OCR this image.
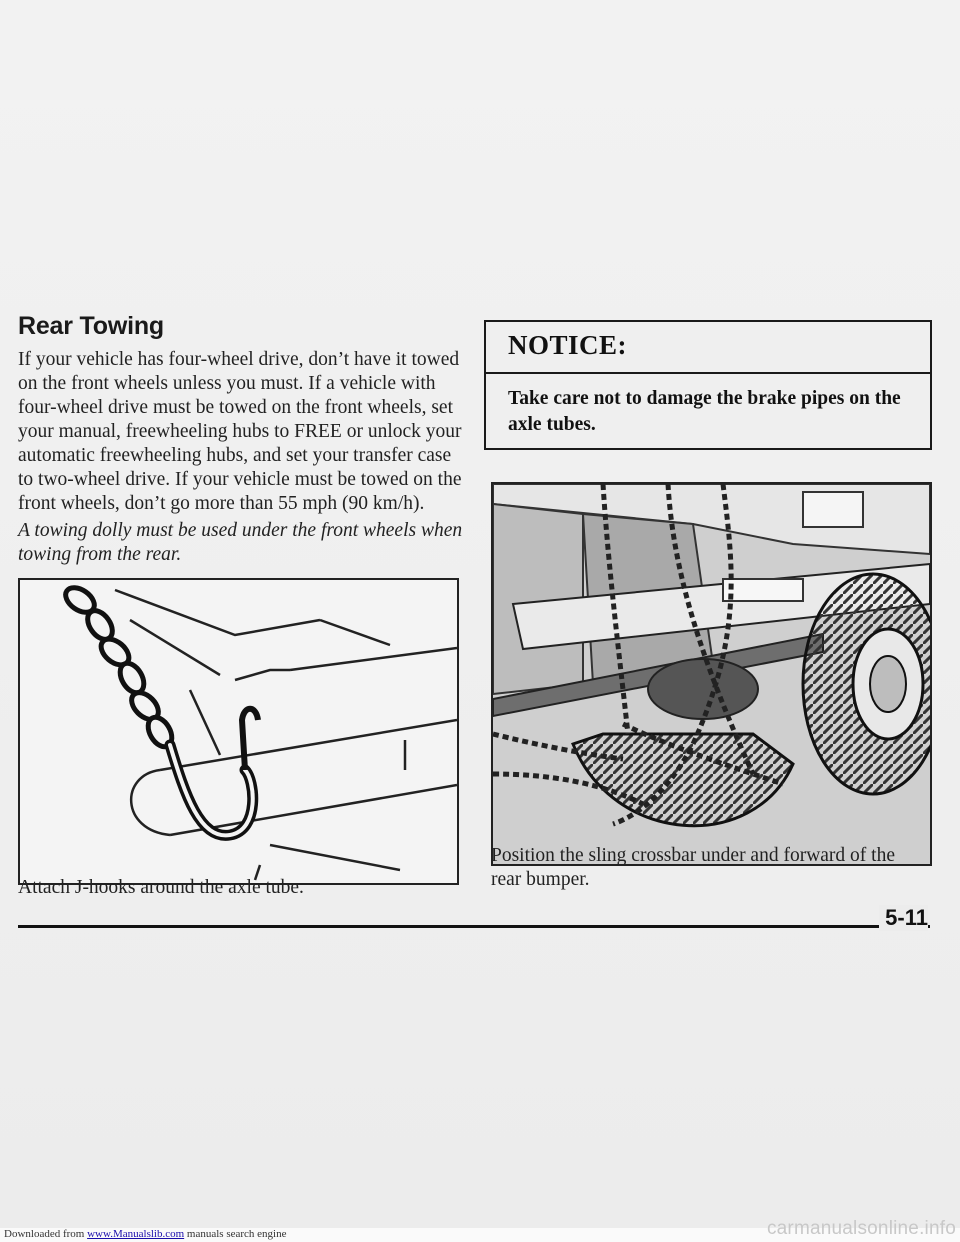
Rear Towing

If your vehicle has four-wheel drive, don’t have it towed on the front wheels unless you must. If a vehicle with four-wheel drive must be towed on the front wheels, set your manual, freewheeling hubs to FREE or unlock your automatic freewheeling hubs, and set your transfer case to two-wheel drive. If your vehicle must be towed on the front wheels, don’t go more than 55 mph (90 km/h).

A towing dolly must be used under the front wheels when towing from the rear.

Attach J-hooks around the axle tube.

Position the sling crossbar under and forward of the rear bumper.

NOTICE:
Take care not to damage the brake pipes on the axle tubes.

5-11

Downloaded from www.Manualslib.com manuals search engine	carmanualsonline.info
